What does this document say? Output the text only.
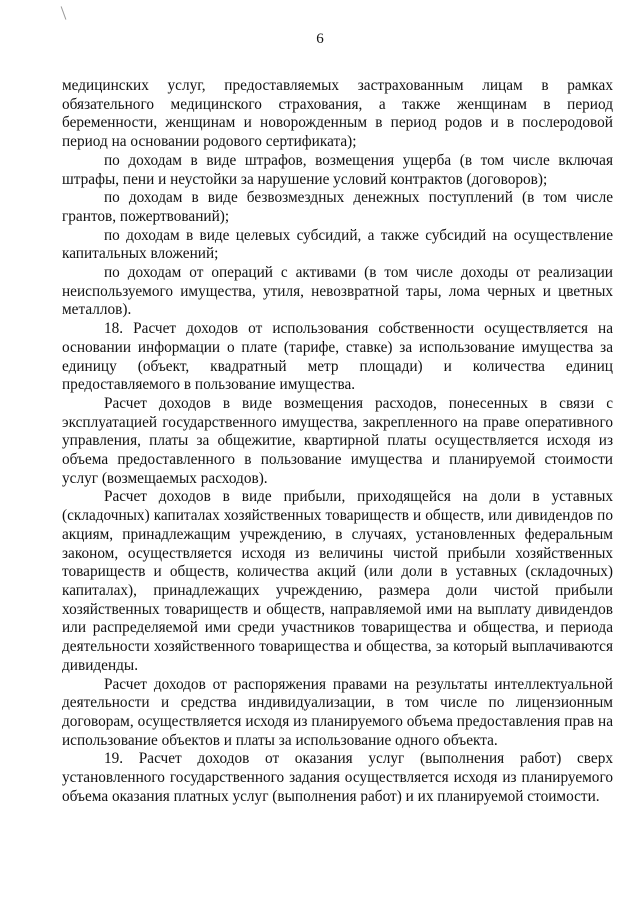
6

медицинских услуг, предоставляемых застрахованным лицам в рамках обязательного медицинского страхования, а также женщинам в период беременности, женщинам и новорожденным в период родов и в послеродовой период на основании родового сертификата);

по доходам в виде штрафов, возмещения ущерба (в том числе включая штрафы, пени и неустойки за нарушение условий контрактов (договоров);

по доходам в виде безвозмездных денежных поступлений (в том числе грантов, пожертвований);

по доходам в виде целевых субсидий, а также субсидий на осуществление капитальных вложений;

по доходам от операций с активами (в том числе доходы от реализации неиспользуемого имущества, утиля, невозвратной тары, лома черных и цветных металлов).

18. Расчет доходов от использования собственности осуществляется на основании информации о плате (тарифе, ставке) за использование имущества за единицу (объект, квадратный метр площади) и количества единиц предоставляемого в пользование имущества.

Расчет доходов в виде возмещения расходов, понесенных в связи с эксплуатацией государственного имущества, закрепленного на праве оперативного управления, платы за общежитие, квартирной платы осуществляется исходя из объема предоставленного в пользование имущества и планируемой стоимости услуг (возмещаемых расходов).

Расчет доходов в виде прибыли, приходящейся на доли в уставных (складочных) капиталах хозяйственных товариществ и обществ, или дивидендов по акциям, принадлежащим учреждению, в случаях, установленных федеральным законом, осуществляется исходя из величины чистой прибыли хозяйственных товариществ и обществ, количества акций (или доли в уставных (складочных) капиталах), принадлежащих учреждению, размера доли чистой прибыли хозяйственных товариществ и обществ, направляемой ими на выплату дивидендов или распределяемой ими среди участников товарищества и общества, и периода деятельности хозяйственного товарищества и общества, за который выплачиваются дивиденды.

Расчет доходов от распоряжения правами на результаты интеллектуальной деятельности и средства индивидуализации, в том числе по лицензионным договорам, осуществляется исходя из планируемого объема предоставления прав на использование объектов и платы за использование одного объекта.

19. Расчет доходов от оказания услуг (выполнения работ) сверх установленного государственного задания осуществляется исходя из планируемого объема оказания платных услуг (выполнения работ) и их планируемой стоимости.
